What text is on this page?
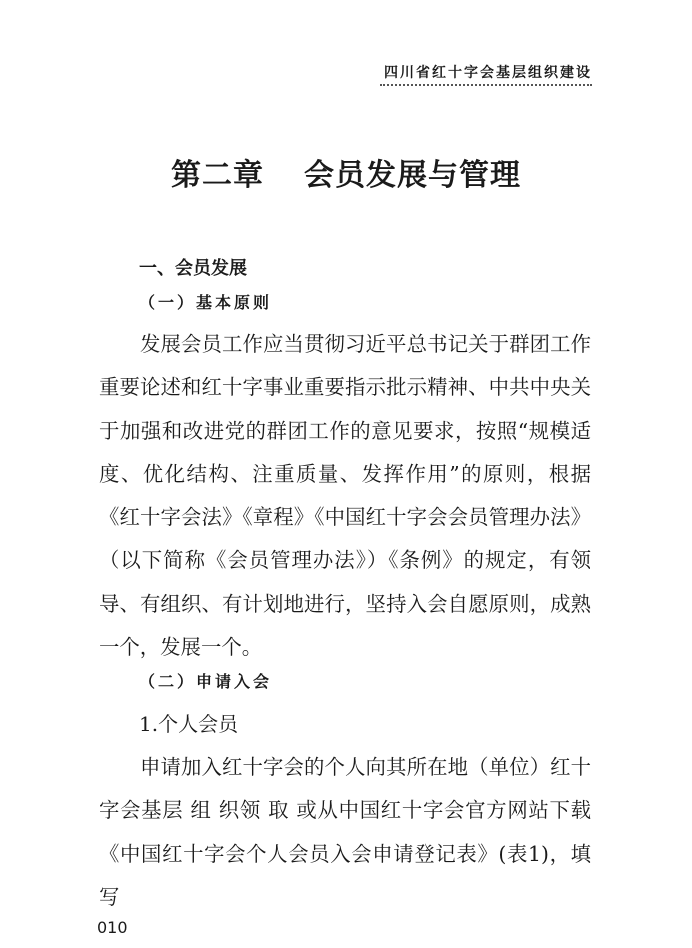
四川省红十字会基层组织建设
第二章 会员发展与管理
一、会员发展
（一）基本原则

发展会员工作应当贯彻习近平总书记关于群团工作重要论述和红十字事业重要指示批示精神、中共中央关于加强和改进党的群团工作的意见要求，按照“规模适度、优化结构、注重质量、发挥作用”的原则，根据《红十字会法》《章程》《中国红十字会会员管理办法》（以下简称《会员管理办法》）《条例》的规定，有领导、有组织、有计划地进行，坚持入会自愿原则，成熟一个，发展一个。

（二）申请入会
1.个人会员

申请加入红十字会的个人向其所在地（单位）红十字会基层 组 织领 取 或从中国红十字会官方网站下载《中国红十字会个人会员入会申请登记表》(表1)，填写

010
